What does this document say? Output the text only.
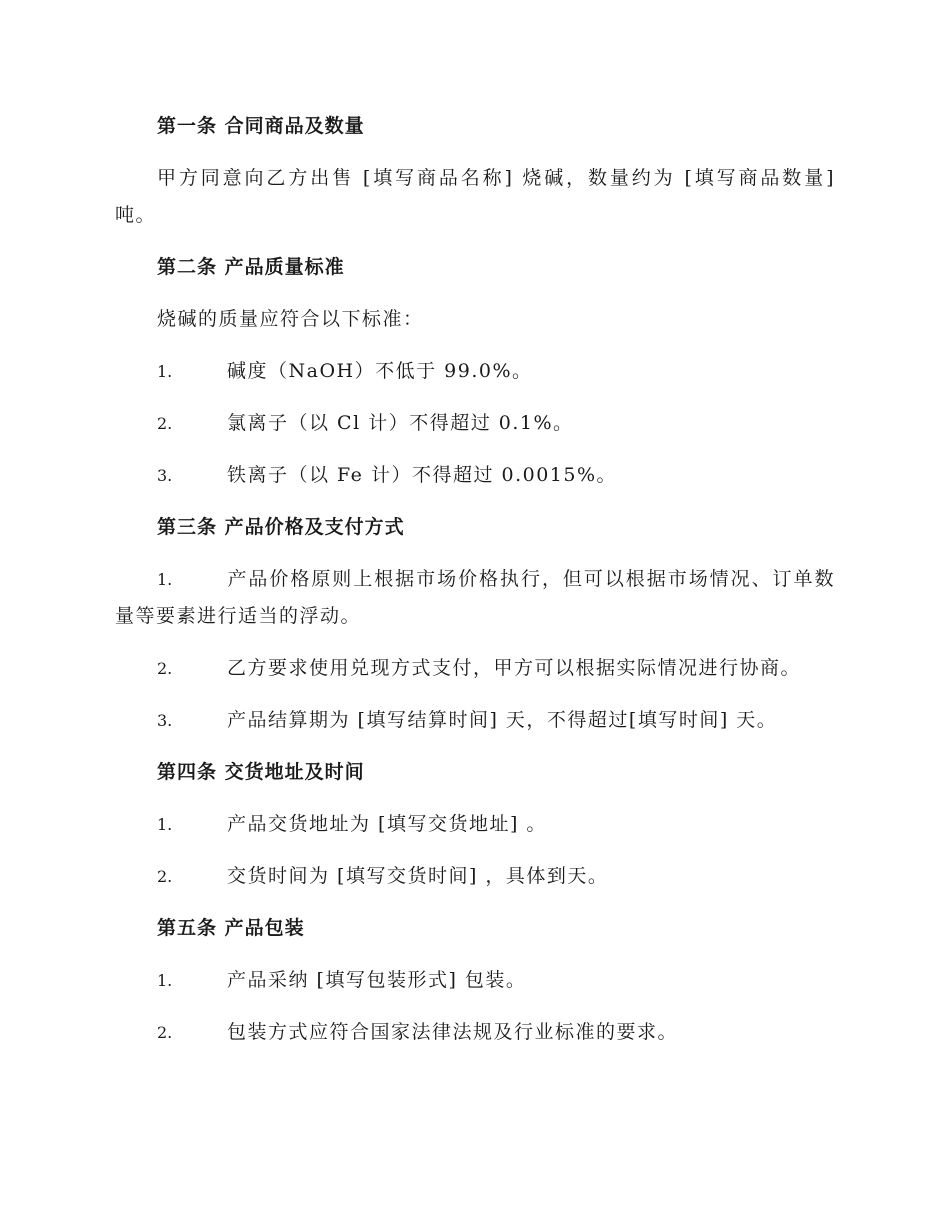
第一条 合同商品及数量
甲方同意向乙方出售 [填写商品名称] 烧碱，数量约为 [填写商品数量] 吨。
第二条 产品质量标准
烧碱的质量应符合以下标准：
1.	碱度（NaOH）不低于 99.0%。
2.	氯离子（以 Cl 计）不得超过 0.1%。
3.	铁离子（以 Fe 计）不得超过 0.0015%。
第三条 产品价格及支付方式
1.	产品价格原则上根据市场价格执行，但可以根据市场情况、订单数量等要素进行适当的浮动。
2.	乙方要求使用兑现方式支付，甲方可以根据实际情况进行协商。
3.	产品结算期为 [填写结算时间] 天，不得超过[填写时间] 天。
第四条 交货地址及时间
1.	产品交货地址为 [填写交货地址] 。
2.	交货时间为 [填写交货时间] ，具体到天。
第五条 产品包装
1.	产品采纳 [填写包装形式] 包装。
2.	包装方式应符合国家法律法规及行业标准的要求。
